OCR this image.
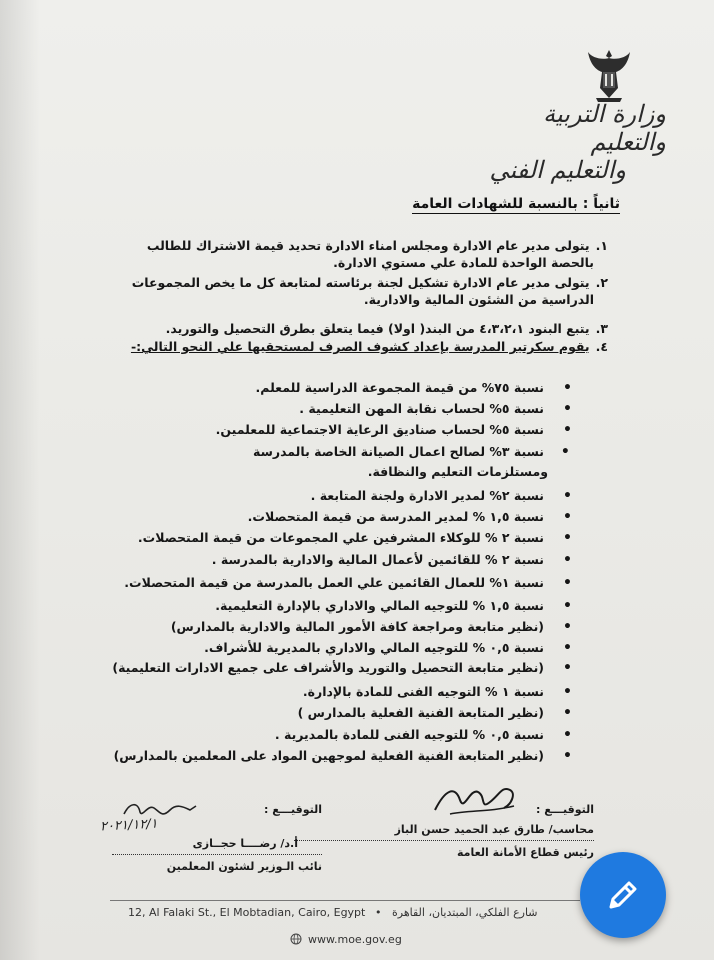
وزارة التربية والتعليم
والتعليم الفني
ثانياً : بالنسبة للشهادات العامة
١.يتولى مدير عام الادارة ومجلس امناء الادارة تحديد قيمة الاشتراك للطالب
بالحصة الواحدة للمادة علي مستوي الادارة.
٢.يتولى مدير عام الادارة تشكيل لجنة برئاسته لمتابعة كل ما يخص المجموعات
الدراسية من الشئون المالية والادارية.
٣.يتبع البنود ٤،٣،٢،١ من البند( اولا) فيما يتعلق بطرق التحصيل والتوريد.
٤.يقوم سكرتير المدرسة بإعداد كشوف الصرف لمستحقيها علي النحو التالي:-
• نسبة ٧٥% من قيمة المجموعة الدراسية للمعلم.
• نسبة ٥% لحساب نقابة المهن التعليمية .
• نسبة ٥% لحساب صناديق الرعاية الاجتماعية للمعلمين.
• نسبة ٣% لصالح اعمال الصيانة الخاصة بالمدرسة
ومستلزمات التعليم والنظافة.
• نسبة ٢% لمدير الادارة ولجنة المتابعة .
• نسبة ١,٥ % لمدير المدرسة من قيمة المتحصلات.
• نسبة ٢ % للوكلاء المشرفين علي المجموعات من قيمة المتحصلات.
• نسبة ٢ % للقائمين لأعمال المالية والادارية بالمدرسة .
• نسبة ١% للعمال القائمين علي العمل بالمدرسة من قيمة المتحصلات.
• نسبة ١,٥ % للتوجيه المالي والاداري بالإدارة التعليمية.
• (نظير متابعة ومراجعة كافة الأمور المالية والادارية بالمدارس)
• نسبة ٠,٥ % للتوجيه المالي والاداري بالمديرية للأشراف.
• (نظير متابعة التحصيل والتوريد والأشراف على جميع الادارات التعليمية)
• نسبة ١ % التوجيه الفنى للمادة بالإدارة.
• (نظير المتابعة الفنية الفعلية بالمدارس )
• نسبة ٠,٥ % للتوجيه الفنى للمادة بالمديرية .
• (نظير المتابعة الفنية الفعلية لموجهين المواد على المعلمين بالمدارس)
التوقيـــع :
محاسب/ طارق عبد الحميد حسن الباز
رئيس قطاع الأمانة العامة
التوقيـــع :
أ.د/ رضــــا حجــازى
نائب الـوزير لشئون المعلمين
٢٠٢١/١٢/١
12, Al Falaki St., El Mobtadian, Cairo, Egypt • شارع الفلكي، المبتديان، القاهرة
www.moe.gov.eg
